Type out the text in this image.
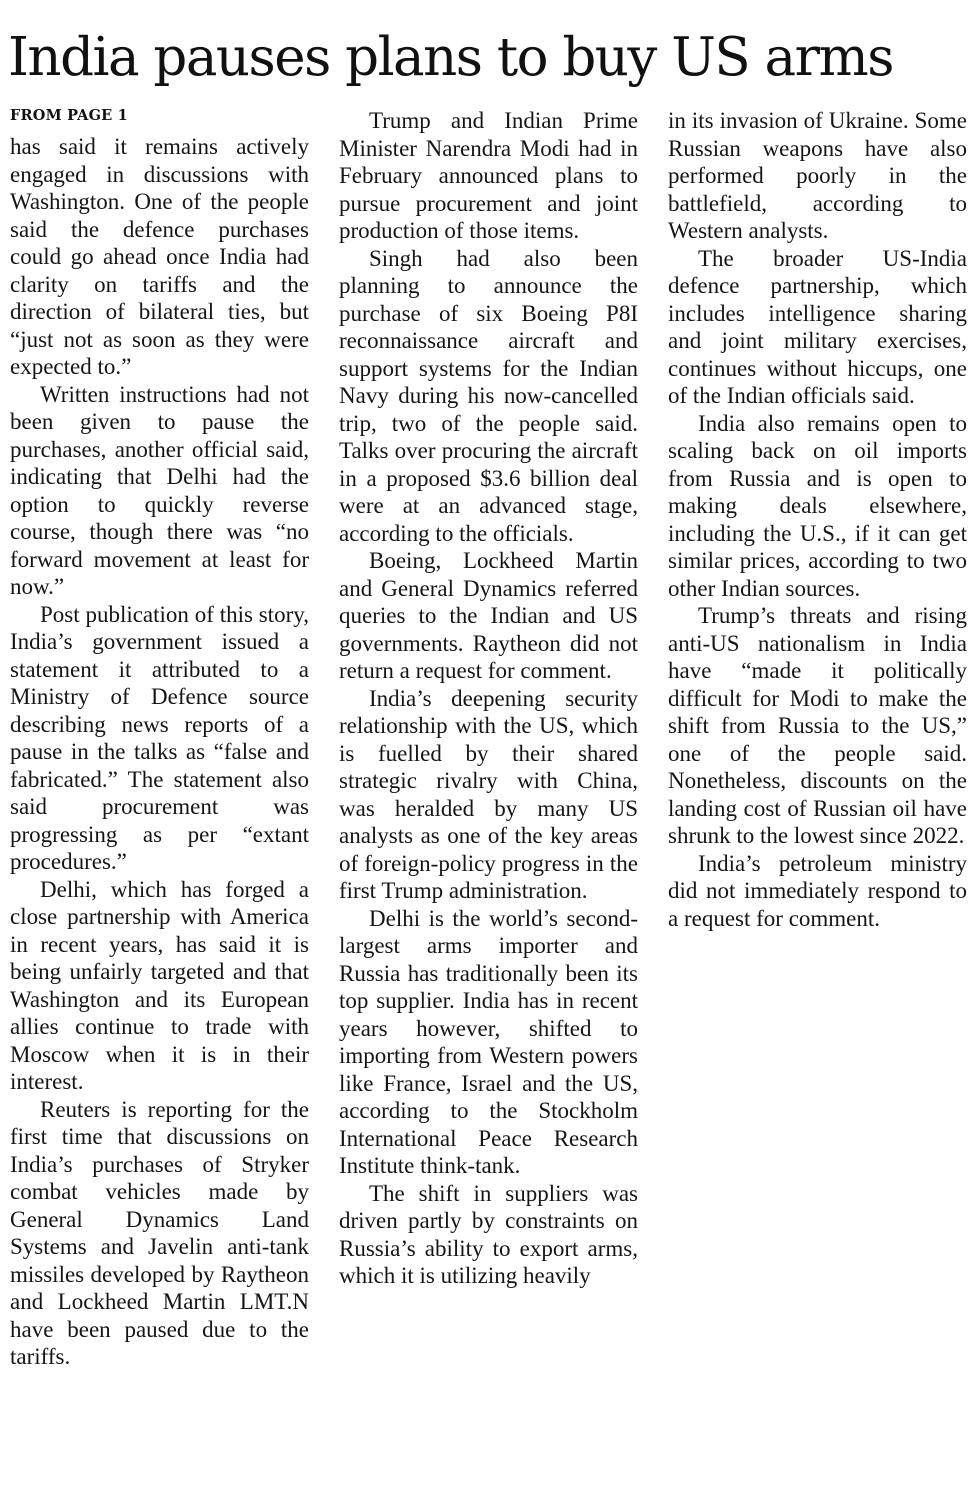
India pauses plans to buy US arms
FROM PAGE 1

has said it remains actively engaged in discussions with Washington. One of the people said the defence purchases could go ahead once India had clarity on tariffs and the direction of bilateral ties, but “just not as soon as they were expected to.”

Written instructions had not been given to pause the purchases, another official said, indicating that Delhi had the option to quickly reverse course, though there was “no forward movement at least for now.”

Post publication of this story, India’s government issued a statement it attributed to a Ministry of Defence source describing news reports of a pause in the talks as “false and fabricated.” The statement also said procurement was progressing as per “extant procedures.”

Delhi, which has forged a close partnership with America in recent years, has said it is being unfairly targeted and that Washington and its European allies continue to trade with Moscow when it is in their interest.

Reuters is reporting for the first time that discussions on India’s purchases of Stryker combat vehicles made by General Dynamics Land Systems and Javelin anti-tank missiles developed by Raytheon and Lockheed Martin LMT.N have been paused due to the tariffs.

Trump and Indian Prime Minister Narendra Modi had in February announced plans to pursue procurement and joint production of those items.

Singh had also been planning to announce the purchase of six Boeing P8I reconnaissance aircraft and support systems for the Indian Navy during his now-cancelled trip, two of the people said. Talks over procuring the aircraft in a proposed $3.6 billion deal were at an advanced stage, according to the officials.

Boeing, Lockheed Martin and General Dynamics referred queries to the Indian and US governments. Raytheon did not return a request for comment.

India’s deepening security relationship with the US, which is fuelled by their shared strategic rivalry with China, was heralded by many US analysts as one of the key areas of foreign-policy progress in the first Trump administration.

Delhi is the world’s second-largest arms importer and Russia has traditionally been its top supplier. India has in recent years however, shifted to importing from Western powers like France, Israel and the US, according to the Stockholm International Peace Research Institute think-tank.

The shift in suppliers was driven partly by constraints on Russia’s ability to export arms, which it is utilizing heavily

in its invasion of Ukraine. Some Russian weapons have also performed poorly in the battlefield, according to Western analysts.

The broader US-India defence partnership, which includes intelligence sharing and joint military exercises, continues without hiccups, one of the Indian officials said.

India also remains open to scaling back on oil imports from Russia and is open to making deals elsewhere, including the U.S., if it can get similar prices, according to two other Indian sources.

Trump’s threats and rising anti-US nationalism in India have “made it politically difficult for Modi to make the shift from Russia to the US,” one of the people said. Nonetheless, discounts on the landing cost of Russian oil have shrunk to the lowest since 2022.

India’s petroleum ministry did not immediately respond to a request for comment.
